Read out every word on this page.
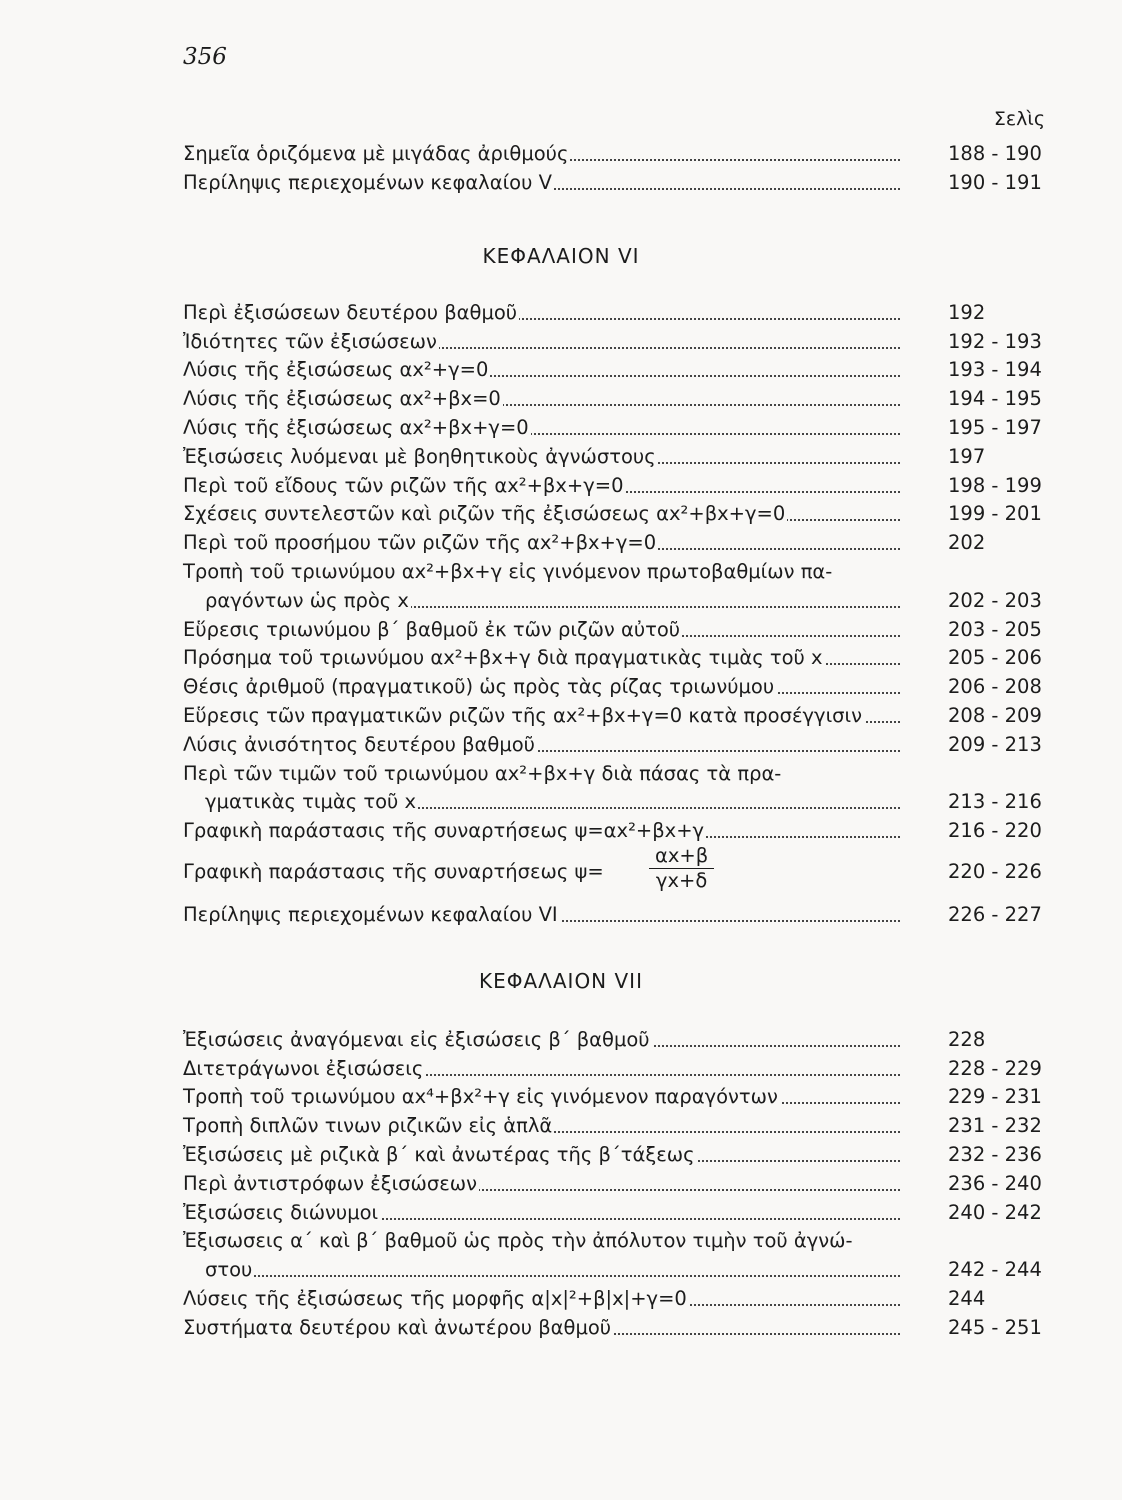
356
Σελὶς
Σημεῖα ὁριζόμενα μὲ μιγάδας ἀριθμούς	188 - 190
Περίληψις περιεχομένων κεφαλαίου V	190 - 191
ΚΕΦΑΛΑΙΟΝ VI
Περὶ ἐξισώσεων δευτέρου βαθμοῦ	192
Ἰδιότητες τῶν ἐξισώσεων	192 - 193
Λύσις τῆς ἐξισώσεως αx²+γ=0	193 - 194
Λύσις τῆς ἐξισώσεως αx²+βx=0	194 - 195
Λύσις τῆς ἐξισώσεως αx²+βx+γ=0	195 - 197
Ἐξισώσεις λυόμεναι μὲ βοηθητικοὺς ἀγνώστους	197
Περὶ τοῦ εἴδους τῶν ριζῶν τῆς αx²+βx+γ=0	198 - 199
Σχέσεις συντελεστῶν καὶ ριζῶν τῆς ἐξισώσεως αx²+βx+γ=0	199 - 201
Περὶ τοῦ προσήμου τῶν ριζῶν τῆς αx²+βx+γ=0	202
Τροπὴ τοῦ τριωνύμου αx²+βx+γ εἰς γινόμενον πρωτοβαθμίων πα-
ραγόντων ὡς πρὸς x	202 - 203
Εὕρεσις τριωνύμου β΄ βαθμοῦ ἐκ τῶν ριζῶν αὐτοῦ	203 - 205
Πρόσημα τοῦ τριωνύμου αx²+βx+γ διὰ πραγματικὰς τιμὰς τοῦ x	205 - 206
Θέσις ἀριθμοῦ (πραγματικοῦ) ὡς πρὸς τὰς ρίζας τριωνύμου	206 - 208
Εὕρεσις τῶν πραγματικῶν ριζῶν τῆς αx²+βx+γ=0 κατὰ προσέγγισιν	208 - 209
Λύσις ἀνισότητος δευτέρου βαθμοῦ	209 - 213
Περὶ τῶν τιμῶν τοῦ τριωνύμου αx²+βx+γ διὰ πάσας τὰ πρα-
γματικὰς τιμὰς τοῦ x	213 - 216
Γραφικὴ παράστασις τῆς συναρτήσεως ψ=αx²+βx+γ	216 - 220
Γραφικὴ παράστασις τῆς συναρτήσεως $\psi= \frac{\alpha x+\beta}{\gamma x+\delta}$	220 - 226
Περίληψις περιεχομένων κεφαλαίου VI	226 - 227
ΚΕΦΑΛΑΙΟΝ VII
Ἐξισώσεις ἀναγόμεναι εἰς ἐξισώσεις β΄ βαθμοῦ	228
Διτετράγωνοι ἐξισώσεις	228 - 229
Τροπὴ τοῦ τριωνύμου αx⁴+βx²+γ εἰς γινόμενον παραγόντων	229 - 231
Τροπὴ διπλῶν τινων ριζικῶν εἰς ἁπλᾶ	231 - 232
Ἐξισώσεις μὲ ριζικὰ β΄ καὶ ἀνωτέρας τῆς β΄τάξεως	232 - 236
Περὶ ἀντιστρόφων ἐξισώσεων	236 - 240
Ἐξισώσεις διώνυμοι	240 - 242
Ἐξισωσεις α΄ καὶ β΄ βαθμοῦ ὡς πρὸς τὴν ἀπόλυτον τιμὴν τοῦ ἀγνώ-
στου	242 - 244
Λύσεις τῆς ἐξισώσεως τῆς μορφῆς α|x|²+β|x|+γ=0	244
Συστήματα δευτέρου καὶ ἀνωτέρου βαθμοῦ	245 - 251
